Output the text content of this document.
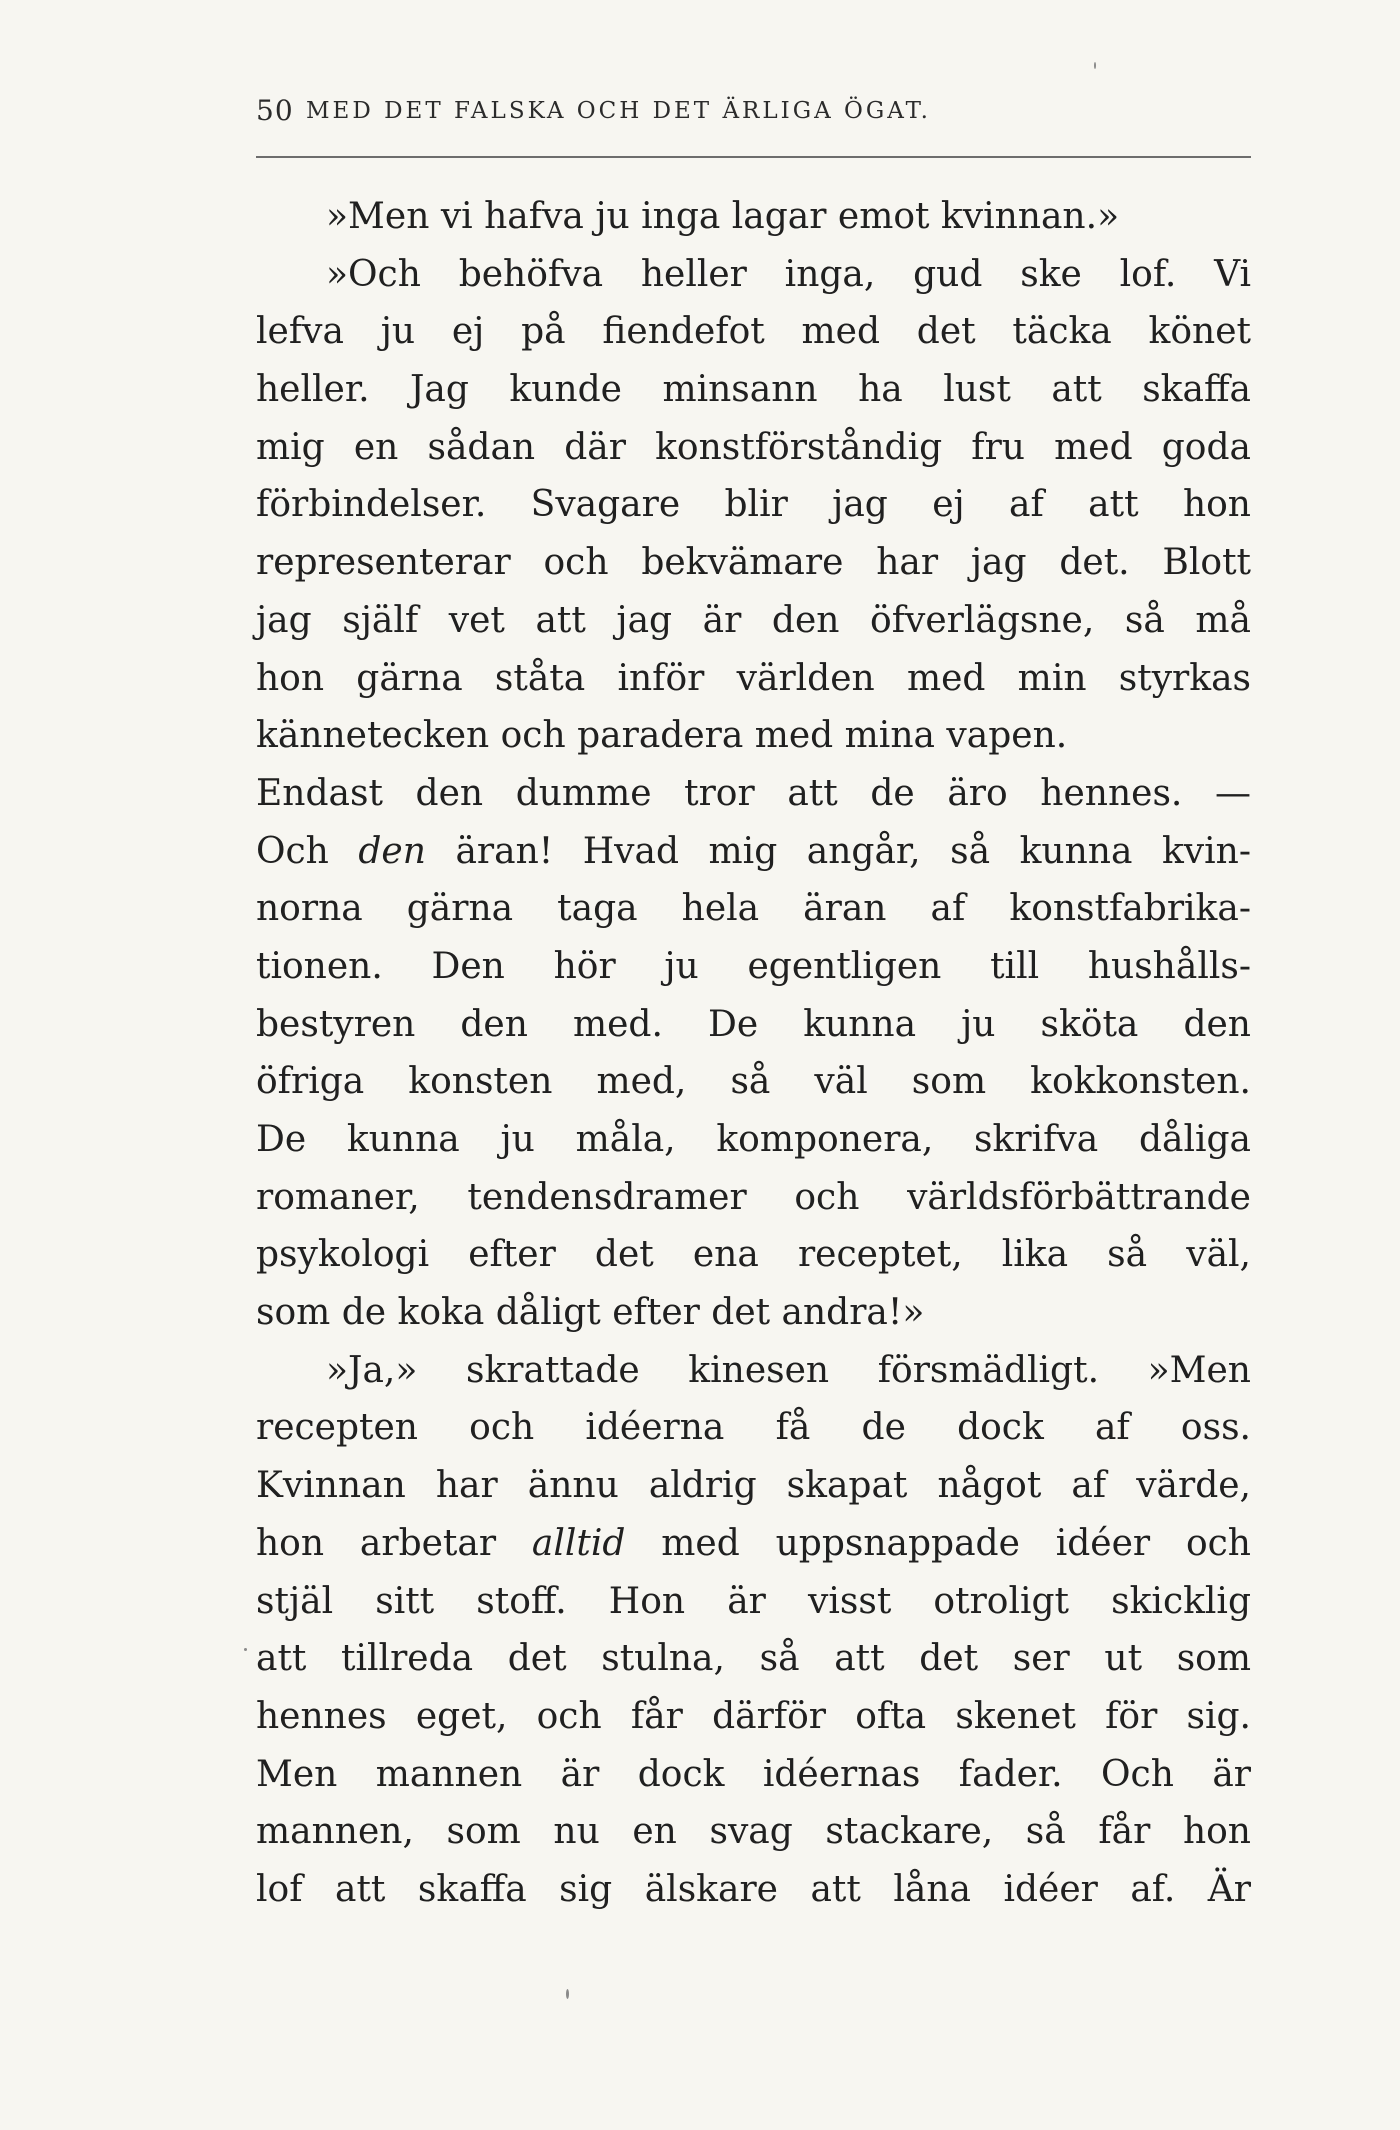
50 MED DET FALSKA OCH DET ÄRLIGA ÖGAT.
»Men vi hafva ju inga lagar emot kvinnan.»
»Och behöfva heller inga, gud ske lof. Vi
lefva ju ej på fiendefot med det täcka könet
heller. Jag kunde minsann ha lust att skaffa
mig en sådan där konstförståndig fru med goda
förbindelser. Svagare blir jag ej af att hon
representerar och bekvämare har jag det. Blott
jag själf vet att jag är den öfverlägsne, så må
hon gärna ståta inför världen med min styrkas
kännetecken och paradera med mina vapen.
Endast den dumme tror att de äro hennes. —
Och den äran! Hvad mig angår, så kunna kvin-
norna gärna taga hela äran af konstfabrika-
tionen. Den hör ju egentligen till hushålls-
bestyren den med. De kunna ju sköta den
öfriga konsten med, så väl som kokkonsten.
De kunna ju måla, komponera, skrifva dåliga
romaner, tendensdramer och världsförbättrande
psykologi efter det ena receptet, lika så väl,
som de koka dåligt efter det andra!»
»Ja,» skrattade kinesen försmädligt. »Men
recepten och idéerna få de dock af oss.
Kvinnan har ännu aldrig skapat något af värde,
hon arbetar alltid med uppsnappade idéer och
stjäl sitt stoff. Hon är visst otroligt skicklig
att tillreda det stulna, så att det ser ut som
hennes eget, och får därför ofta skenet för sig.
Men mannen är dock idéernas fader. Och är
mannen, som nu en svag stackare, så får hon
lof att skaffa sig älskare att låna idéer af. Är
